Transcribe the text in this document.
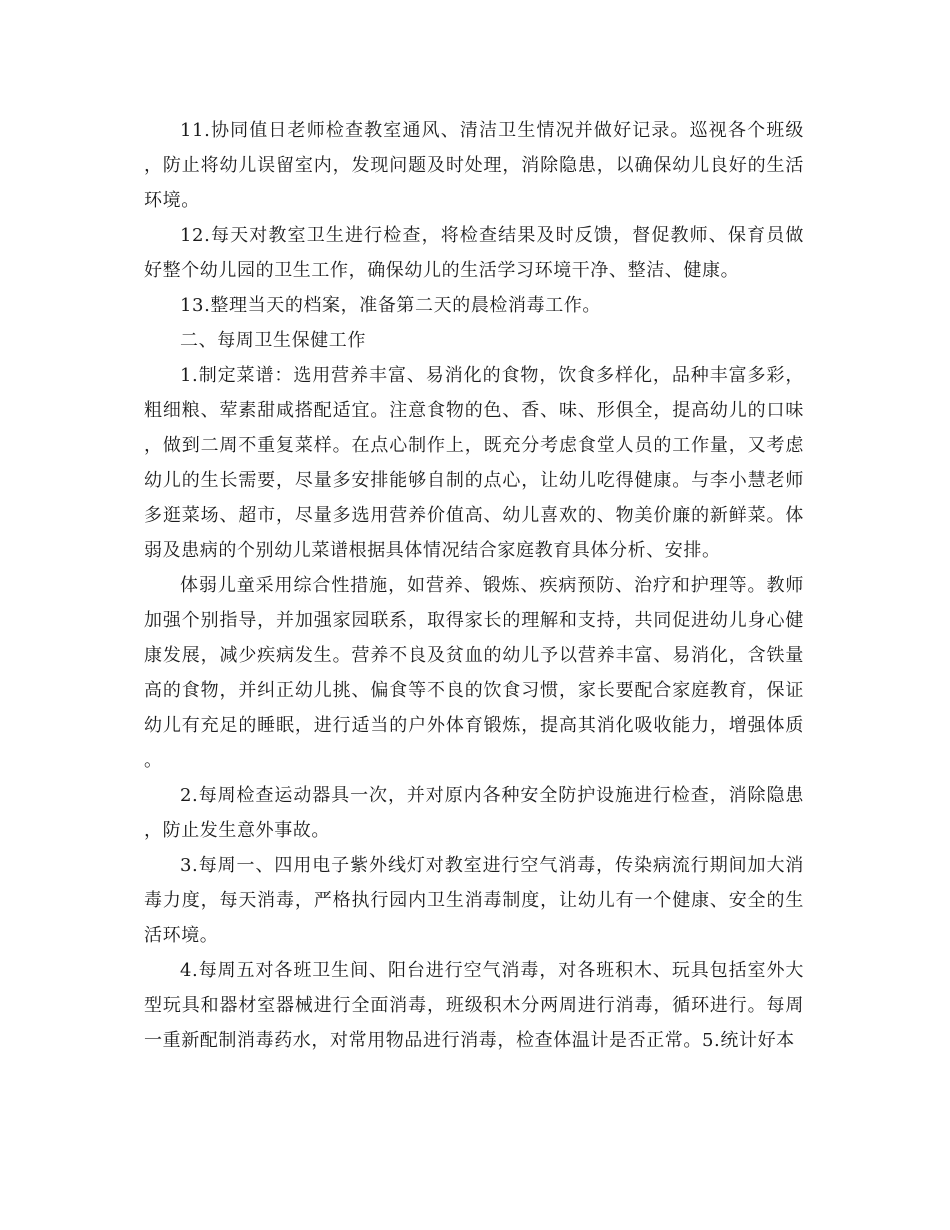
11.协同值日老师检查教室通风、清洁卫生情况并做好记录。巡视各个班级，防止将幼儿误留室内，发现问题及时处理，消除隐患，以确保幼儿良好的生活环境。

12.每天对教室卫生进行检查，将检查结果及时反馈，督促教师、保育员做好整个幼儿园的卫生工作，确保幼儿的生活学习环境干净、整洁、健康。

13.整理当天的档案，准备第二天的晨检消毒工作。

二、每周卫生保健工作

1.制定菜谱：选用营养丰富、易消化的食物，饮食多样化，品种丰富多彩，粗细粮、荤素甜咸搭配适宜。注意食物的色、香、味、形俱全，提高幼儿的口味，做到二周不重复菜样。在点心制作上，既充分考虑食堂人员的工作量，又考虑幼儿的生长需要，尽量多安排能够自制的点心，让幼儿吃得健康。与李小慧老师多逛菜场、超市，尽量多选用营养价值高、幼儿喜欢的、物美价廉的新鲜菜。体弱及患病的个别幼儿菜谱根据具体情况结合家庭教育具体分析、安排。

体弱儿童采用综合性措施，如营养、锻炼、疾病预防、治疗和护理等。教师加强个别指导，并加强家园联系，取得家长的理解和支持，共同促进幼儿身心健康发展，减少疾病发生。营养不良及贫血的幼儿予以营养丰富、易消化，含铁量高的食物，并纠正幼儿挑、偏食等不良的饮食习惯，家长要配合家庭教育，保证幼儿有充足的睡眠，进行适当的户外体育锻炼，提高其消化吸收能力，增强体质。

2.每周检查运动器具一次，并对原内各种安全防护设施进行检查，消除隐患，防止发生意外事故。

3.每周一、四用电子紫外线灯对教室进行空气消毒，传染病流行期间加大消毒力度，每天消毒，严格执行园内卫生消毒制度，让幼儿有一个健康、安全的生活环境。

4.每周五对各班卫生间、阳台进行空气消毒，对各班积木、玩具包括室外大型玩具和器材室器械进行全面消毒，班级积木分两周进行消毒，循环进行。每周一重新配制消毒药水，对常用物品进行消毒，检查体温计是否正常。5.统计好本
